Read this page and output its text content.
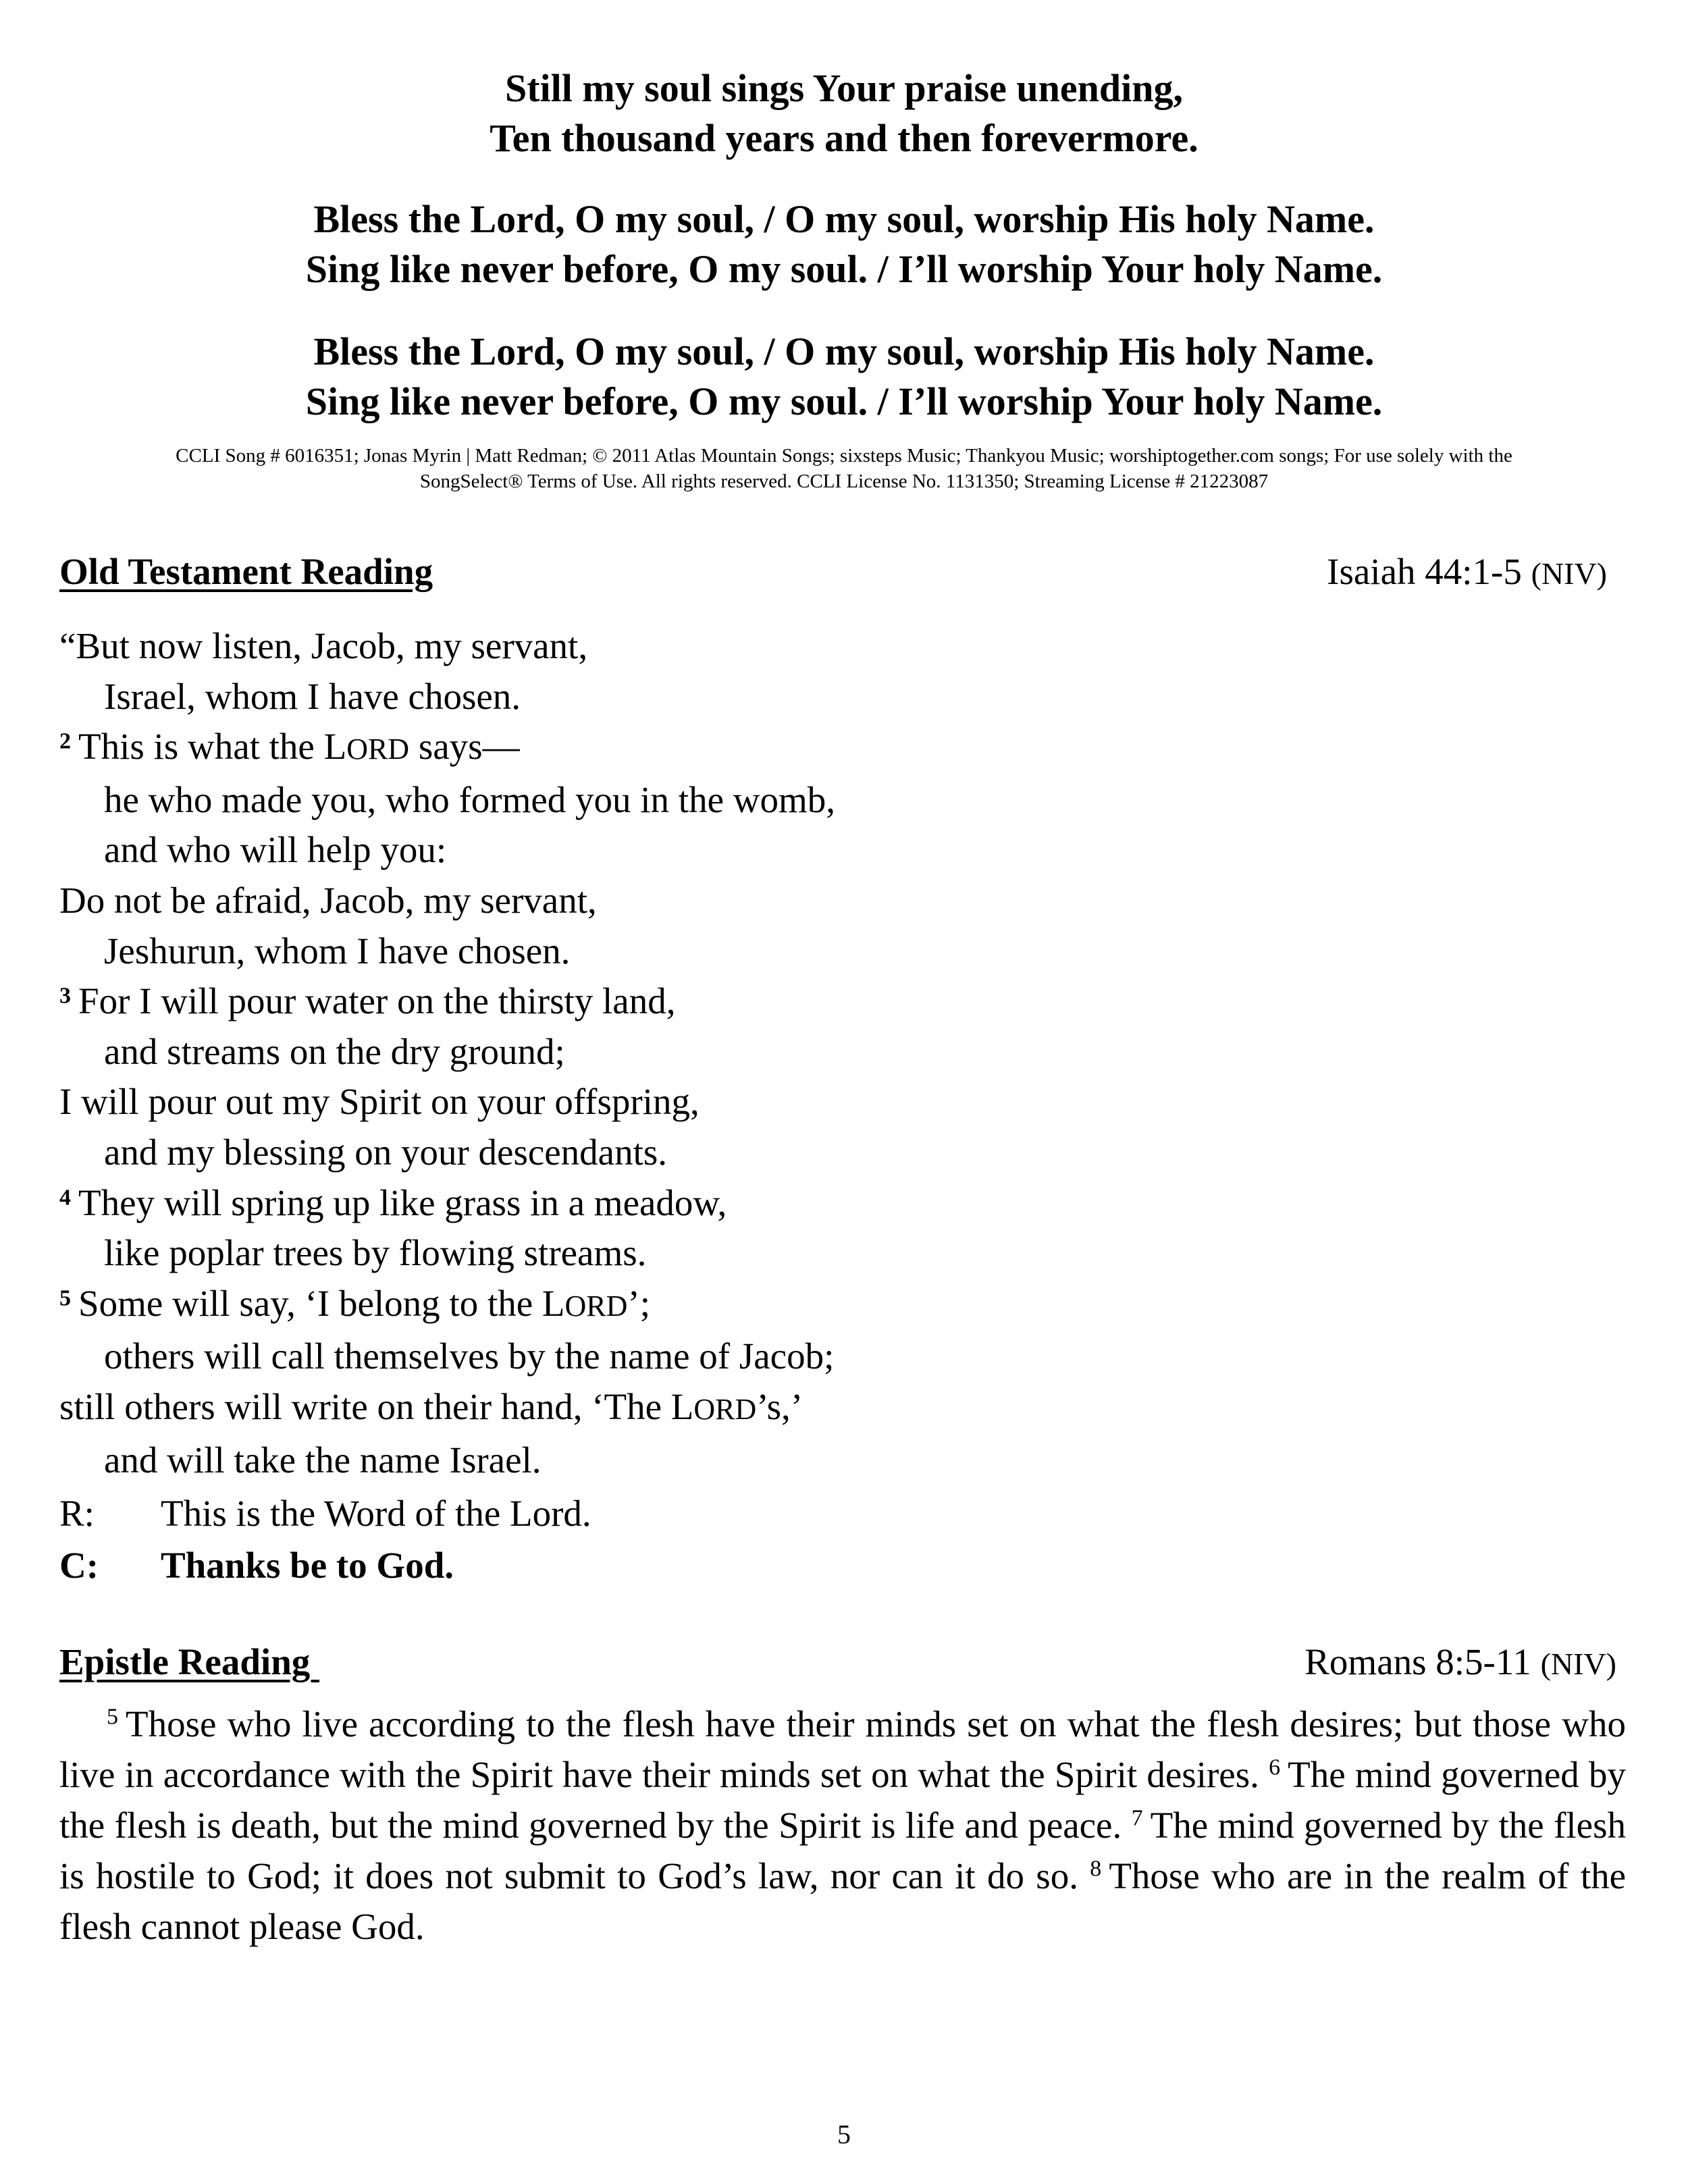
Still my soul sings Your praise unending,
Ten thousand years and then forevermore.
Bless the Lord, O my soul, / O my soul, worship His holy Name.
Sing like never before, O my soul. / I’ll worship Your holy Name.
Bless the Lord, O my soul, / O my soul, worship His holy Name.
Sing like never before, O my soul. / I’ll worship Your holy Name.
CCLI Song # 6016351; Jonas Myrin | Matt Redman; © 2011 Atlas Mountain Songs; sixsteps Music; Thankyou Music; worshiptogether.com songs; For use solely with the
SongSelect® Terms of Use. All rights reserved. CCLI License No. 1131350; Streaming License # 21223087
Old Testament Reading	Isaiah 44:1-5 (NIV)
“But now listen, Jacob, my servant,
Israel, whom I have chosen.
$^2$  This is what the LORD says—
he who made you, who formed you in the womb,
and who will help you:
Do not be afraid, Jacob, my servant,
Jeshurun, whom I have chosen.
$^3$  For I will pour water on the thirsty land,
and streams on the dry ground;
I will pour out my Spirit on your offspring,
and my blessing on your descendants.
$^4$  They will spring up like grass in a meadow,
like poplar trees by flowing streams.
$^5$  Some will say, ‘I belong to the LORD’;
others will call themselves by the name of Jacob;
still others will write on their hand, ‘The LORD’s,’
and will take the name Israel.
R: This is the Word of the Lord.
C: Thanks be to God.
Epistle Reading	Romans 8:5-11 (NIV)
$^5$  Those who live according to the flesh have their minds set on what the flesh desires; but those who live in accordance with the Spirit have their minds set on what the Spirit desires. $^6$  The mind governed by the flesh is death, but the mind governed by the Spirit is life and peace. $^7$  The mind governed by the flesh is hostile to God; it does not submit to God’s law, nor can it do so. $^8$  Those who are in the realm of the flesh cannot please God.
5
